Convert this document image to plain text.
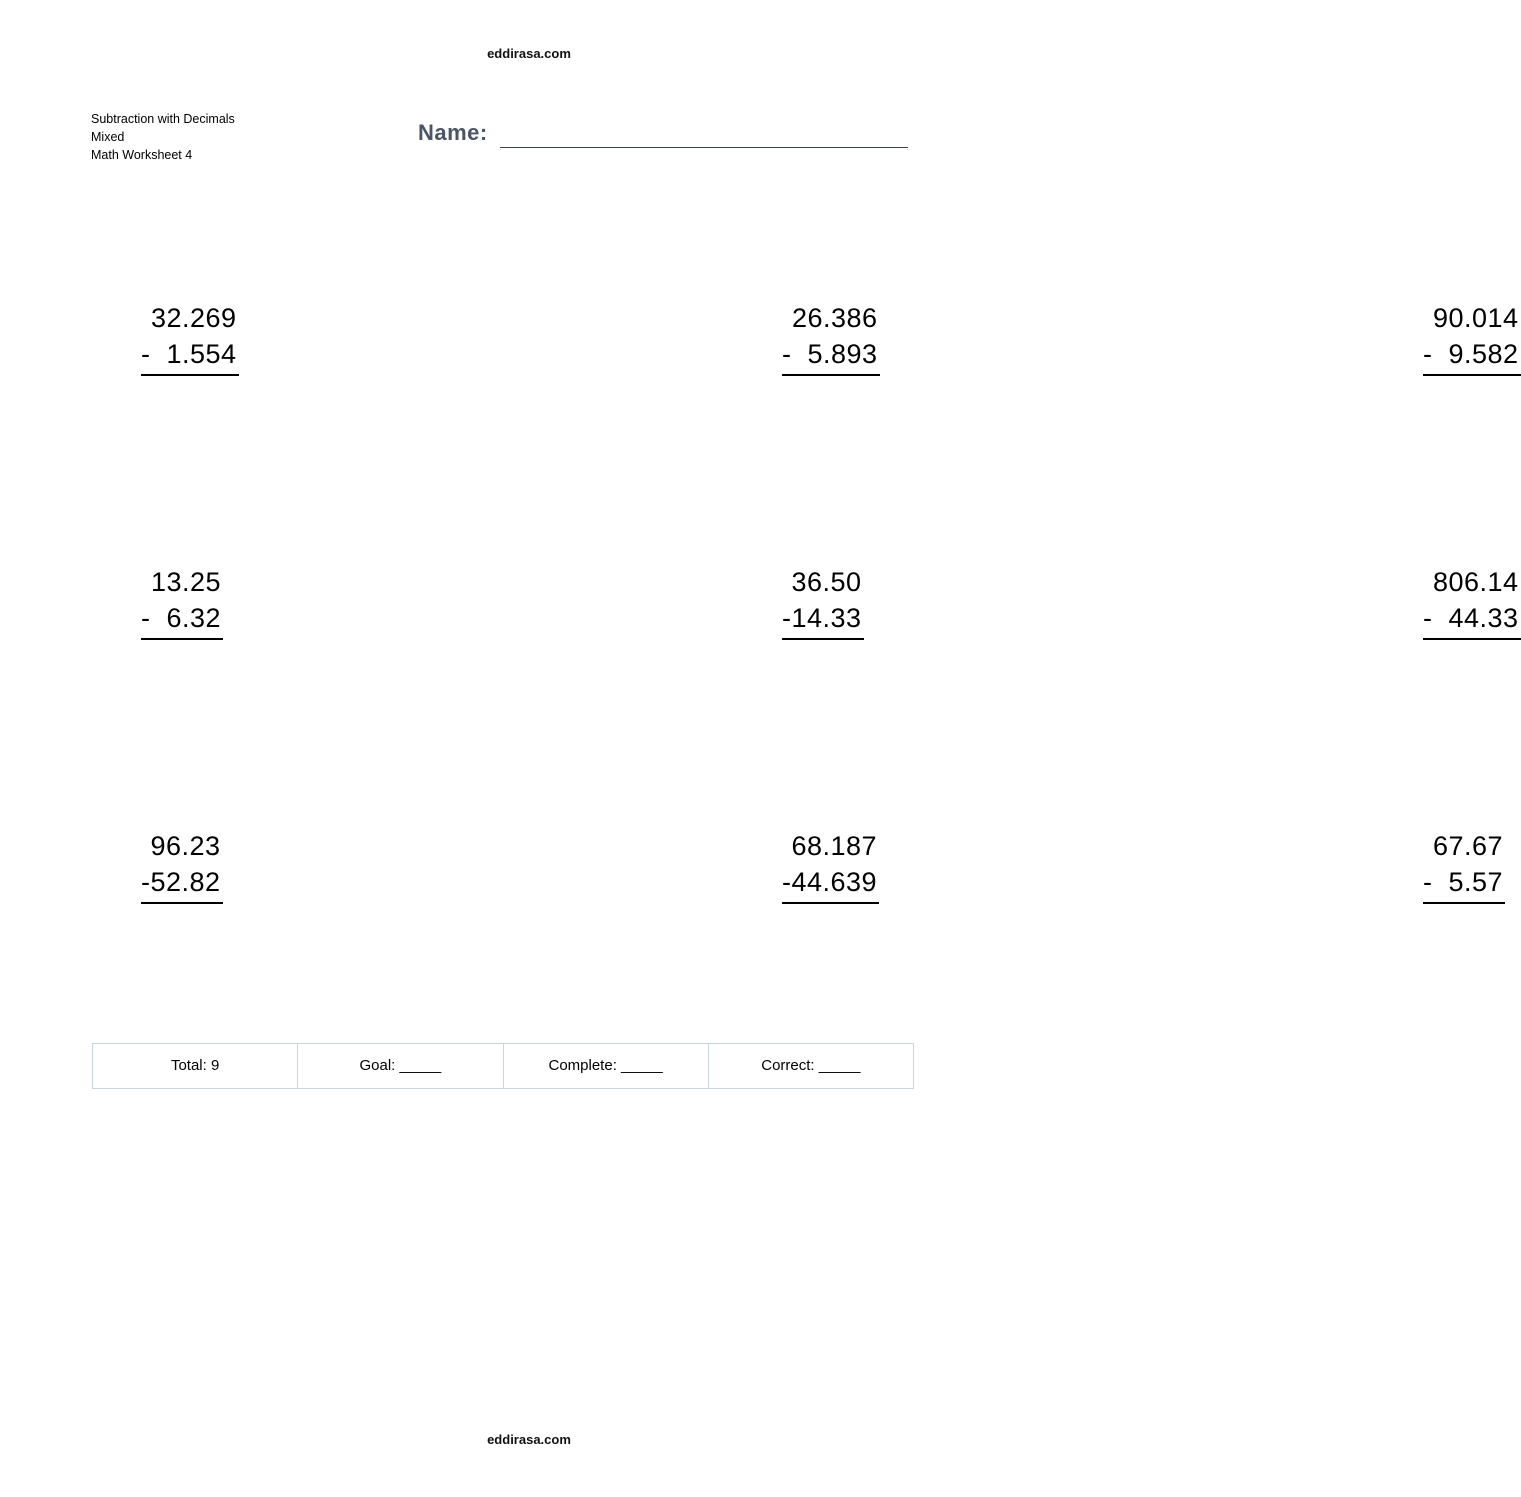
eddirasa.com
Subtraction with Decimals
Mixed
Math Worksheet 4
Name:
32.269
-  1.554
26.386
-  5.893
90.014
-  9.582
13.25
-  6.32
36.50
-14.33
806.14
-  44.33
96.23
-52.82
68.187
-44.639
67.67
-  5.57
Total: 9	Goal: _____	Complete: _____	Correct: _____
eddirasa.com
